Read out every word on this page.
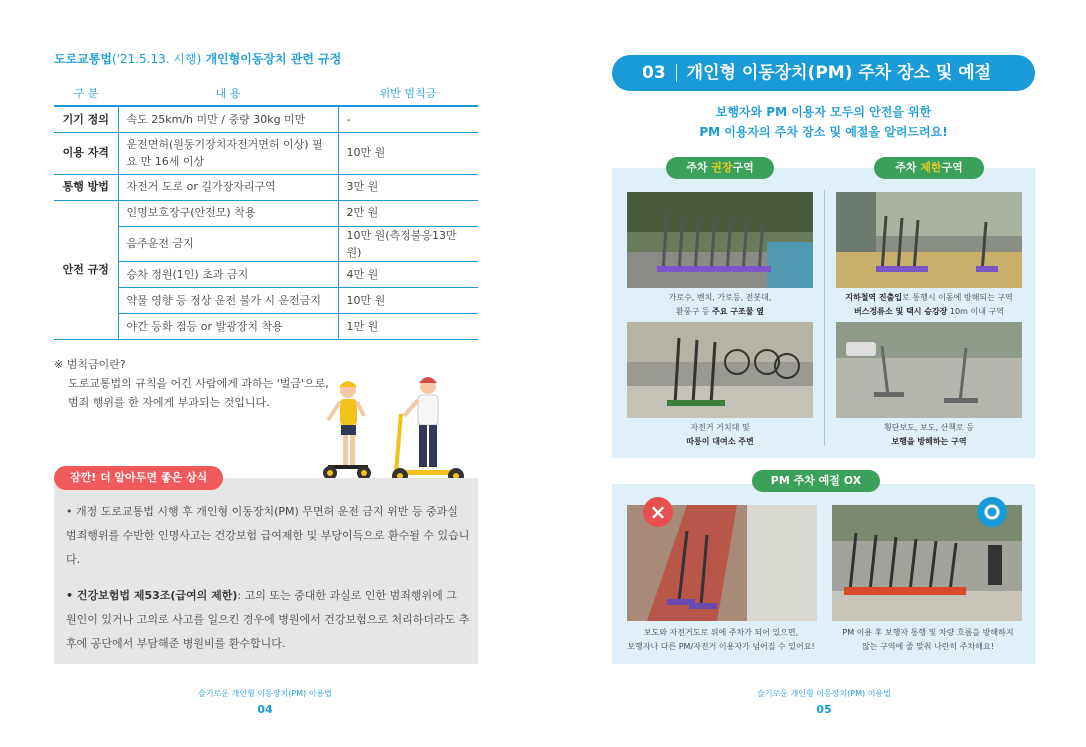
도로교통법('21.5.13. 시행) 개인형이동장치 관련 규정
구 분	내 용	위반 범칙금
기기 정의	속도 25km/h 미만 / 중량 30kg 미만	-
이용 자격	운전면허(원동기장치자전거면허 이상) 필요 만 16세 이상	10만 원
통행 방법	자전거 도로 or 길가장자리구역	3만 원
안전 규정	인명보호장구(안전모) 착용	2만 원
	음주운전 금지	10만 원(측정불응13만 원)
	승차 정원(1인) 초과 금지	4만 원
	약물 영향 등 정상 운전 불가 시 운전금지	10만 원
	야간 등화 점등 or 발광장치 착용	1만 원
※ 범칙금이란?
도로교통법의 규칙을 어긴 사람에게 과하는 '벌금'으로, 범죄 행위를 한 자에게 부과되는 것입니다.
잠깐! 더 알아두면 좋은 상식
• 개정 도로교통법 시행 후 개인형 이동장치(PM) 무면허 운전 금지 위반 등 중과실 범죄행위를 수반한 인명사고는 건강보험 급여제한 및 부당이득으로 환수될 수 있습니다.
• 건강보험법 제53조(급여의 제한): 고의 또는 중대한 과실로 인한 범죄행위에 그 원인이 있거나 고의로 사고를 일으킨 경우에 병원에서 건강보험으로 처리하더라도 추후에 공단에서 부담해준 병원비를 환수합니다.
슬기로운 개인형 이동장치(PM) 이용법
04
03 개인형 이동장치(PM) 주차 장소 및 예절
보행자와 PM 이용자 모두의 안전을 위한
PM 이용자의 주차 장소 및 예절을 알려드려요!
주차 권장구역	주차 제한구역
가로수, 벤치, 가로등, 전봇대,
환풍구 등 주요 구조물 옆
지하철역 진출입로 통행시 이동에 방해되는 구역
버스정류소 및 택시 승강장 10m 이내 구역
자전거 거치대 및
따릉이 대여소 주변
횡단보도, 보도, 산책로 등
보행을 방해하는 구역
PM 주차 예절 OX
×
보도와 자전거도로 위에 주차가 되어 있으면,
보행자나 다른 PM/자전거 이용자가 넘어질 수 있어요!
PM 이용 후 보행자 통행 및 차량 흐름을 방해하지
않는 구역에 줄 맞춰 나란히 주차해요!
슬기로운 개인형 이동장치(PM) 이용법
05
